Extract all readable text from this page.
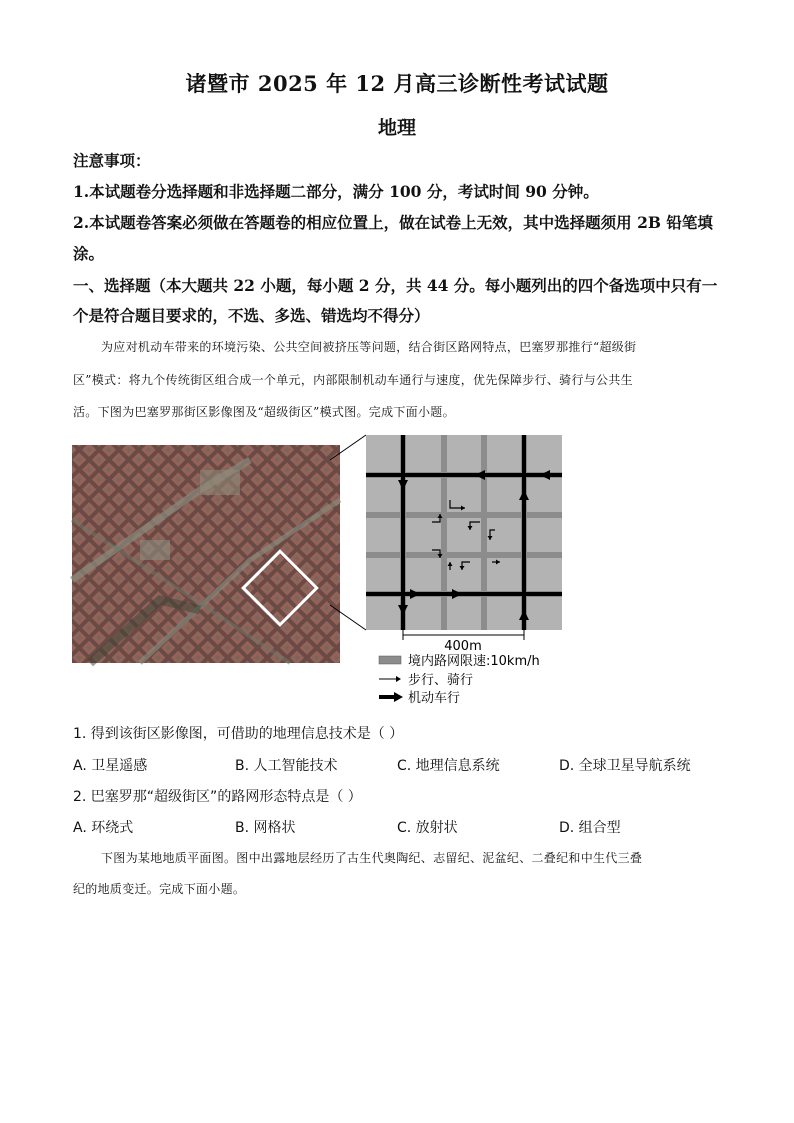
诸暨市 2025 年 12 月高三诊断性考试试题
地理
注意事项：
1.本试题卷分选择题和非选择题二部分，满分 100 分，考试时间 90 分钟。
2.本试题卷答案必须做在答题卷的相应位置上，做在试卷上无效，其中选择题须用 2B 铅笔填
涂。
一、选择题（本大题共 22 小题，每小题 2 分，共 44 分。每小题列出的四个备选项中只有一
个是符合题目要求的，不选、多选、错选均不得分）
为应对机动车带来的环境污染、公共空间被挤压等问题，结合街区路网特点，巴塞罗那推行“超级街
区”模式：将九个传统街区组合成一个单元，内部限制机动车通行与速度，优先保障步行、骑行与公共生
活。下图为巴塞罗那街区影像图及“超级街区”模式图。完成下面小题。
400m
境内路网限速:10km/h
步行、骑行
机动车行
1. 得到该街区影像图，可借助的地理信息技术是（ ）
A. 卫星遥感	B. 人工智能技术	C. 地理信息系统	D. 全球卫星导航系统
2. 巴塞罗那“超级街区”的路网形态特点是（ ）
A. 环绕式	B. 网格状	C. 放射状	D. 组合型
下图为某地地质平面图。图中出露地层经历了古生代奥陶纪、志留纪、泥盆纪、二叠纪和中生代三叠
纪的地质变迁。完成下面小题。
